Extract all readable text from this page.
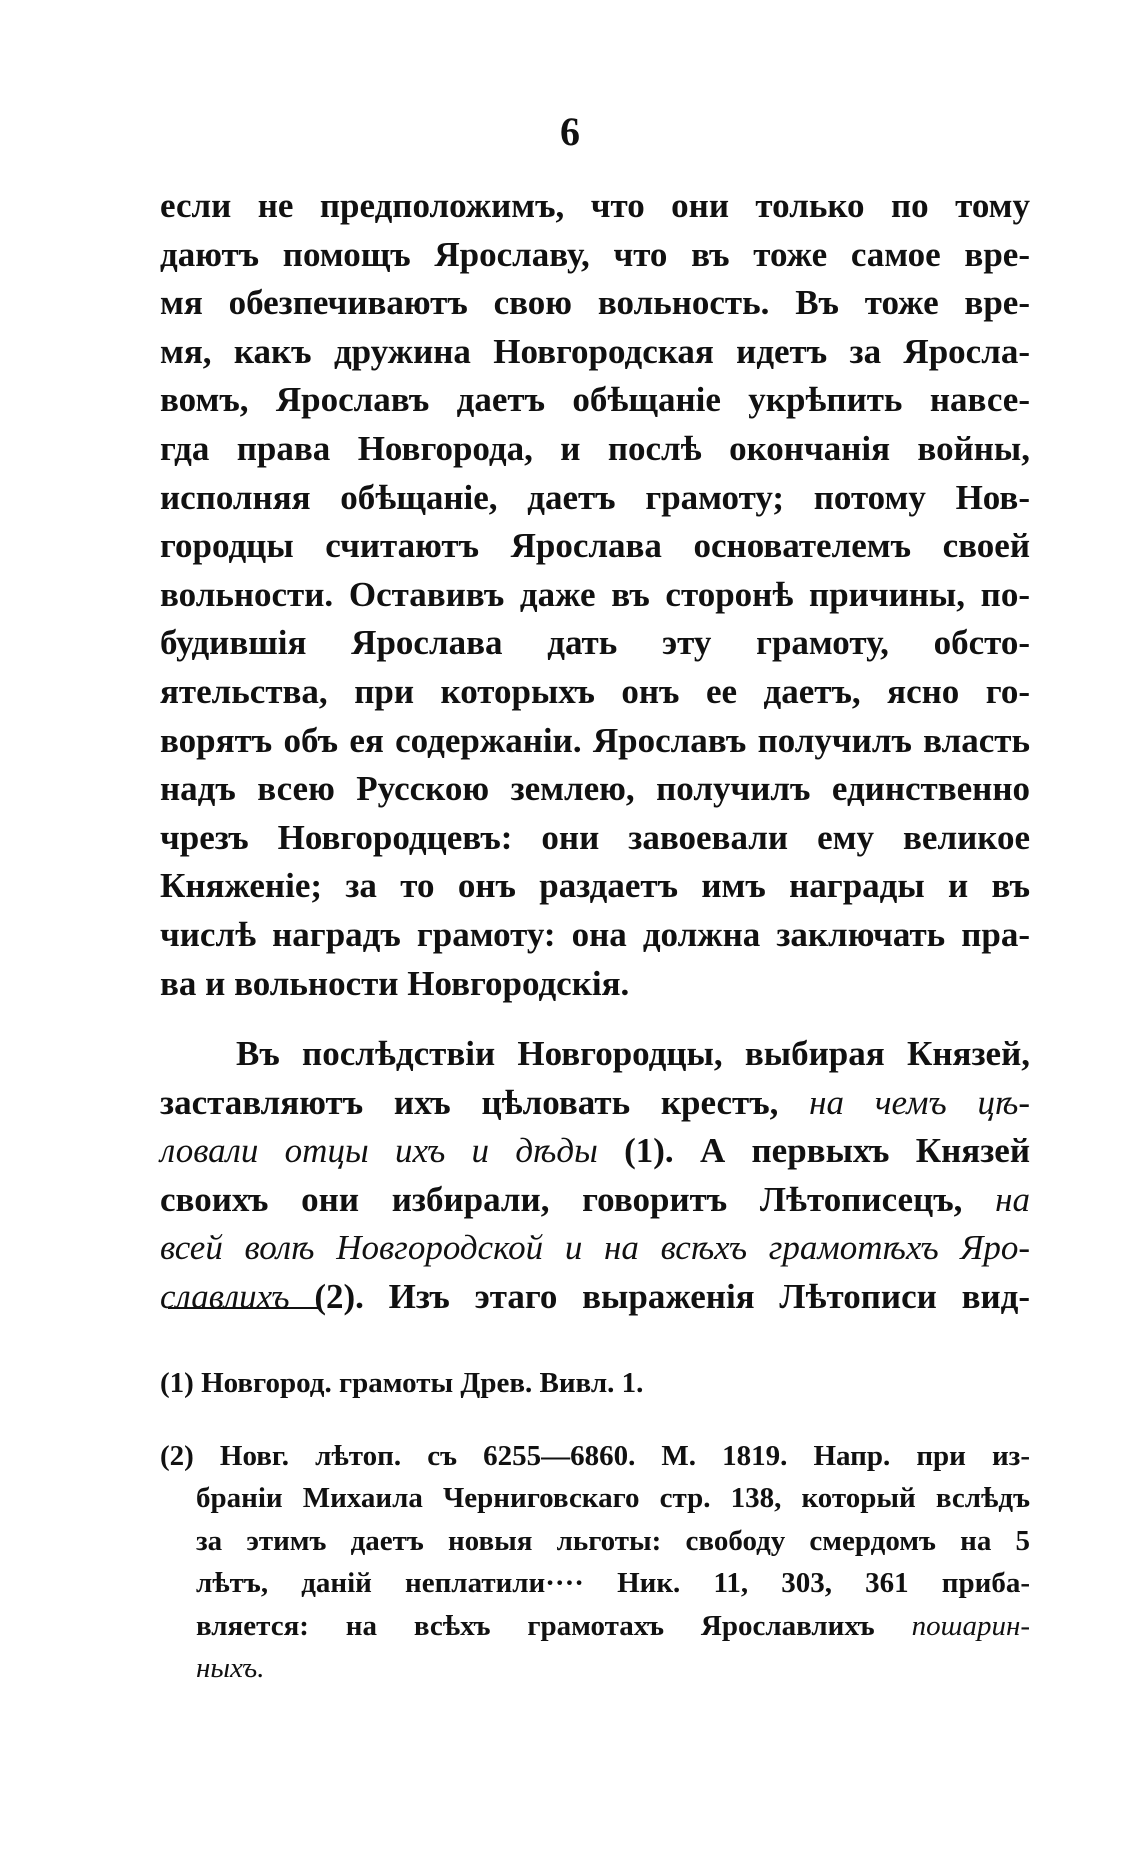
6
если не предположимъ, что они только по тому
даютъ помощъ Ярославу, что въ тоже самое вре-
мя обезпечиваютъ свою вольность. Въ тоже вре-
мя, какъ дружина Новгородская идетъ за Яросла-
вомъ, Ярославъ даетъ обѣщаніе укрѣпить навсе-
гда права Новгорода, и послѣ окончанія войны,
исполняя обѣщаніе, даетъ грамоту; потому Нов-
городцы считаютъ Ярослава основателемъ своей
вольности. Оставивъ даже въ сторонѣ причины, по-
будившія Ярослава дать эту грамоту, обсто-
ятельства, при которыхъ онъ ее даетъ, ясно го-
ворятъ объ ея содержаніи. Ярославъ получилъ власть
надъ всею Русскою землею, получилъ единственно
чрезъ Новгородцевъ: они завоевали ему великое
Княженіе; за то онъ раздаетъ имъ награды и въ
числѣ наградъ грамоту: она должна заключать пра-
ва и вольности Новгородскія.
Въ послѣдствіи Новгородцы, выбирая Князей,
заставляютъ ихъ цѣловать крестъ, на чемъ цѣ-
ловали отцы ихъ и дѣды (1). А первыхъ Князей
своихъ они избирали, говоритъ Лѣтописецъ, на
всей волѣ Новгородской и на всѣхъ грамотѣхъ Яро-
славлихъ (2). Изъ этаго выраженія Лѣтописи вид-
(1) Новгород. грамоты Древ. Вивл. 1.
(2) Новг. лѣтоп. съ 6255—6860. М. 1819. Напр. при из-
браніи Михаила Черниговскаго стр. 138, который вслѣдъ
за этимъ даетъ новыя льготы: свободу смердомъ на 5
лѣтъ, даній неплатили···· Ник. 11, 303, 361 приба-
вляется: на всѣхъ грамотахъ Ярославлихъ пошарин-
ныхъ.
